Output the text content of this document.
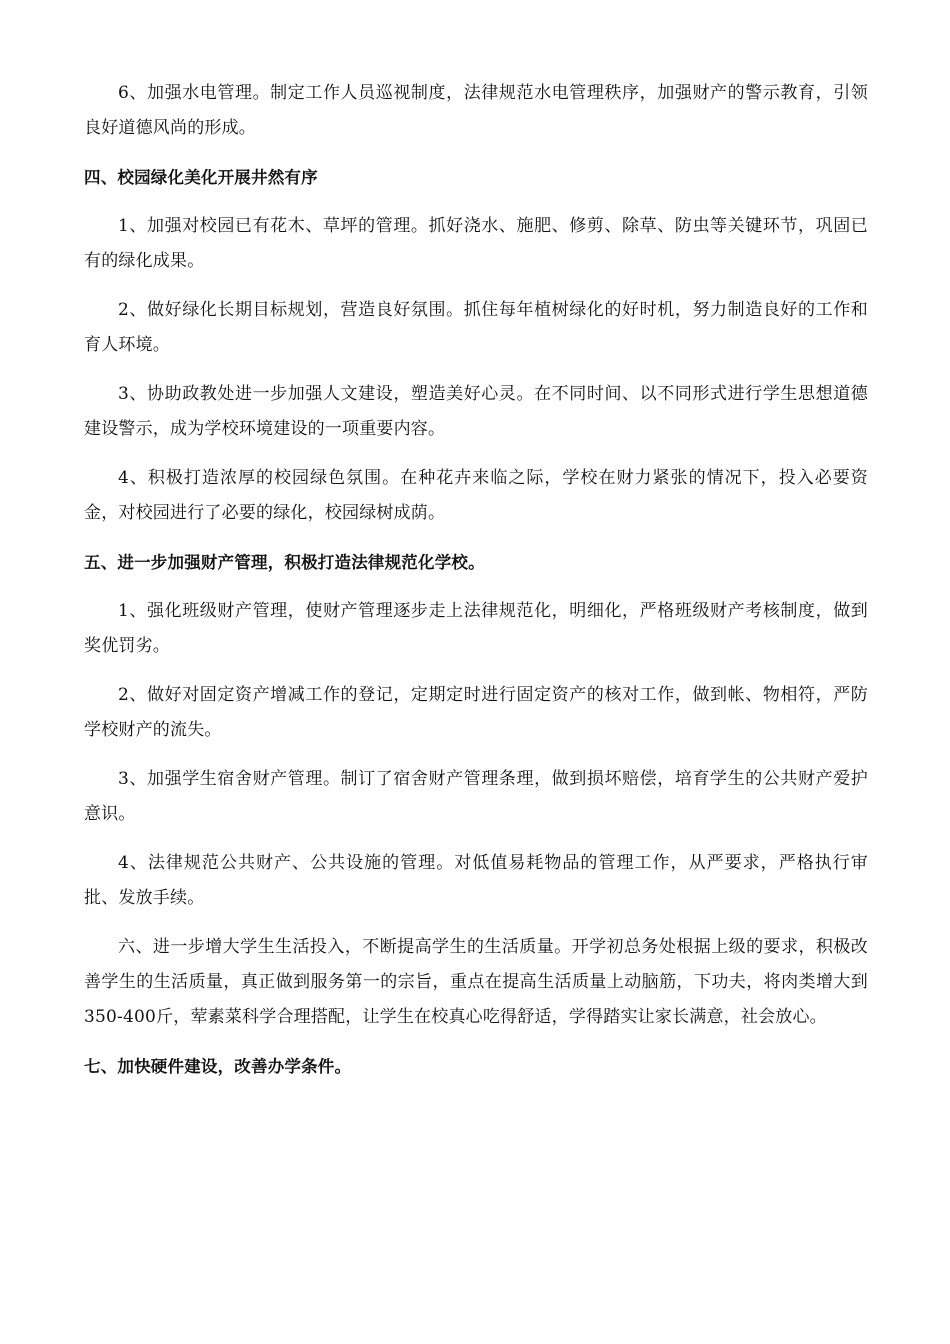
6、加强水电管理。制定工作人员巡视制度，法律规范水电管理秩序，加强财产的警示教育，引领良好道德风尚的形成。

四、校园绿化美化开展井然有序

1、加强对校园已有花木、草坪的管理。抓好浇水、施肥、修剪、除草、防虫等关键环节，巩固已有的绿化成果。

2、做好绿化长期目标规划，营造良好氛围。抓住每年植树绿化的好时机，努力制造良好的工作和育人环境。

3、协助政教处进一步加强人文建设，塑造美好心灵。在不同时间、以不同形式进行学生思想道德建设警示，成为学校环境建设的一项重要内容。

4、积极打造浓厚的校园绿色氛围。在种花卉来临之际，学校在财力紧张的情况下，投入必要资金，对校园进行了必要的绿化，校园绿树成荫。

五、进一步加强财产管理，积极打造法律规范化学校。

1、强化班级财产管理，使财产管理逐步走上法律规范化，明细化，严格班级财产考核制度，做到奖优罚劣。

2、做好对固定资产增减工作的登记，定期定时进行固定资产的核对工作，做到帐、物相符，严防学校财产的流失。

3、加强学生宿舍财产管理。制订了宿舍财产管理条理，做到损坏赔偿，培育学生的公共财产爱护意识。

4、法律规范公共财产、公共设施的管理。对低值易耗物品的管理工作，从严要求，严格执行审批、发放手续。

六、进一步增大学生生活投入，不断提高学生的生活质量。开学初总务处根据上级的要求，积极改善学生的生活质量，真正做到服务第一的宗旨，重点在提高生活质量上动脑筋，下功夫，将肉类增大到350-400斤，荤素菜科学合理搭配，让学生在校真心吃得舒适，学得踏实让家长满意，社会放心。

七、加快硬件建设，改善办学条件。
